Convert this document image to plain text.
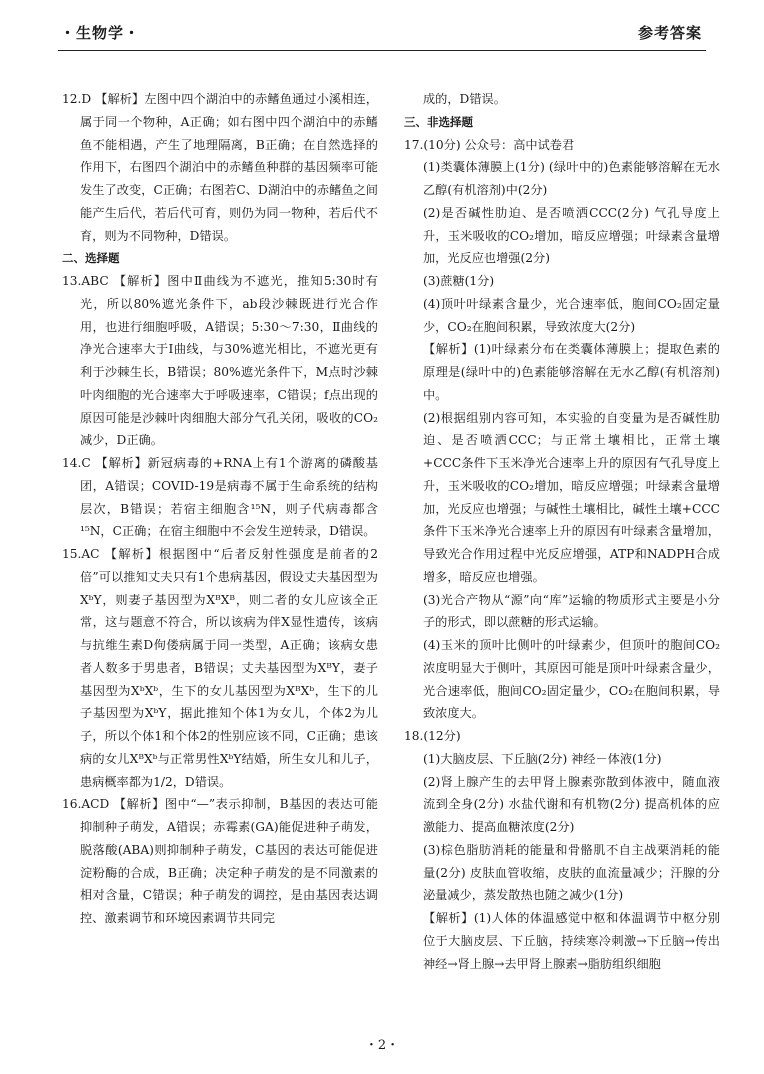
・生物学・	参考答案

12.D 【解析】左图中四个湖泊中的赤鳍鱼通过小溪相连，属于同一个物种，A正确；如右图中四个湖泊中的赤鳍鱼不能相遇，产生了地理隔离，B正确；在自然选择的作用下，右图四个湖泊中的赤鳍鱼种群的基因频率可能发生了改变，C正确；右图若C、D湖泊中的赤鳍鱼之间能产生后代，若后代可育，则仍为同一物种，若后代不育，则为不同物种，D错误。

二、选择题

13.ABC 【解析】图中Ⅱ曲线为不遮光，推知5:30时有光，所以80%遮光条件下，ab段沙棘既进行光合作用，也进行细胞呼吸，A错误；5:30～7:30，Ⅱ曲线的净光合速率大于Ⅰ曲线，与30%遮光相比，不遮光更有利于沙棘生长，B错误；80%遮光条件下，M点时沙棘叶肉细胞的光合速率大于呼吸速率，C错误；f点出现的原因可能是沙棘叶肉细胞大部分气孔关闭，吸收的CO₂减少，D正确。

14.C 【解析】新冠病毒的+RNA上有1个游离的磷酸基团，A错误；COVID-19是病毒不属于生命系统的结构层次，B错误；若宿主细胞含¹⁵N，则子代病毒都含¹⁵N，C正确；在宿主细胞中不会发生逆转录，D错误。

15.AC 【解析】根据图中“后者反射性强度是前者的2倍”可以推知丈夫只有1个患病基因，假设丈夫基因型为XᵇY，则妻子基因型为XᴮXᴮ，则二者的女儿应该全正常，这与题意不符合，所以该病为伴X显性遗传，该病与抗维生素D佝偻病属于同一类型，A正确；该病女患者人数多于男患者，B错误；丈夫基因型为XᴮY，妻子基因型为XᵇXᵇ，生下的女儿基因型为XᴮXᵇ，生下的儿子基因型为XᵇY，据此推知个体1为女儿，个体2为儿子，所以个体1和个体2的性别应该不同，C正确；患该病的女儿XᴮXᵇ与正常男性XᵇY结婚，所生女儿和儿子，患病概率都为1/2，D错误。

16.ACD 【解析】图中“—”表示抑制，B基因的表达可能抑制种子萌发，A错误；赤霉素(GA)能促进种子萌发，脱落酸(ABA)则抑制种子萌发，C基因的表达可能促进淀粉酶的合成，B正确；决定种子萌发的是不同激素的相对含量，C错误；种子萌发的调控，是由基因表达调控、激素调节和环境因素调节共同完

成的，D错误。

三、非选择题

17.(10分) 公众号：高中试卷君

(1)类囊体薄膜上(1分) (绿叶中的)色素能够溶解在无水乙醇(有机溶剂)中(2分)

(2)是否碱性肋迫、是否喷洒CCC(2分) 气孔导度上升，玉米吸收的CO₂增加，暗反应增强；叶绿素含量增加，光反应也增强(2分)

(3)蔗糖(1分)

(4)顶叶叶绿素含量少，光合速率低，胞间CO₂固定量少，CO₂在胞间积累，导致浓度大(2分)

【解析】(1)叶绿素分布在类囊体薄膜上；提取色素的原理是(绿叶中的)色素能够溶解在无水乙醇(有机溶剂)中。

(2)根据组别内容可知，本实验的自变量为是否碱性肋迫、是否喷洒CCC；与正常土壤相比，正常土壤+CCC条件下玉米净光合速率上升的原因有气孔导度上升，玉米吸收的CO₂增加，暗反应增强；叶绿素含量增加，光反应也增强；与碱性土壤相比，碱性土壤+CCC条件下玉米净光合速率上升的原因有叶绿素含量增加，导致光合作用过程中光反应增强，ATP和NADPH合成增多，暗反应也增强。

(3)光合产物从“源”向“库”运输的物质形式主要是小分子的形式，即以蔗糖的形式运输。

(4)玉米的顶叶比侧叶的叶绿素少，但顶叶的胞间CO₂浓度明显大于侧叶，其原因可能是顶叶叶绿素含量少，光合速率低，胞间CO₂固定量少，CO₂在胞间积累，导致浓度大。

18.(12分)

(1)大脑皮层、下丘脑(2分) 神经－体液(1分)

(2)肾上腺产生的去甲肾上腺素弥散到体液中，随血液流到全身(2分) 水盐代谢和有机物(2分) 提高机体的应激能力、提高血糖浓度(2分)

(3)棕色脂肪消耗的能量和骨骼肌不自主战栗消耗的能量(2分) 皮肤血管收缩，皮肤的血流量减少；汗腺的分泌量减少，蒸发散热也随之减少(1分)

【解析】(1)人体的体温感觉中枢和体温调节中枢分别位于大脑皮层、下丘脑，持续寒冷刺激→下丘脑→传出神经→肾上腺→去甲肾上腺素→脂肪组织细胞

・2・
